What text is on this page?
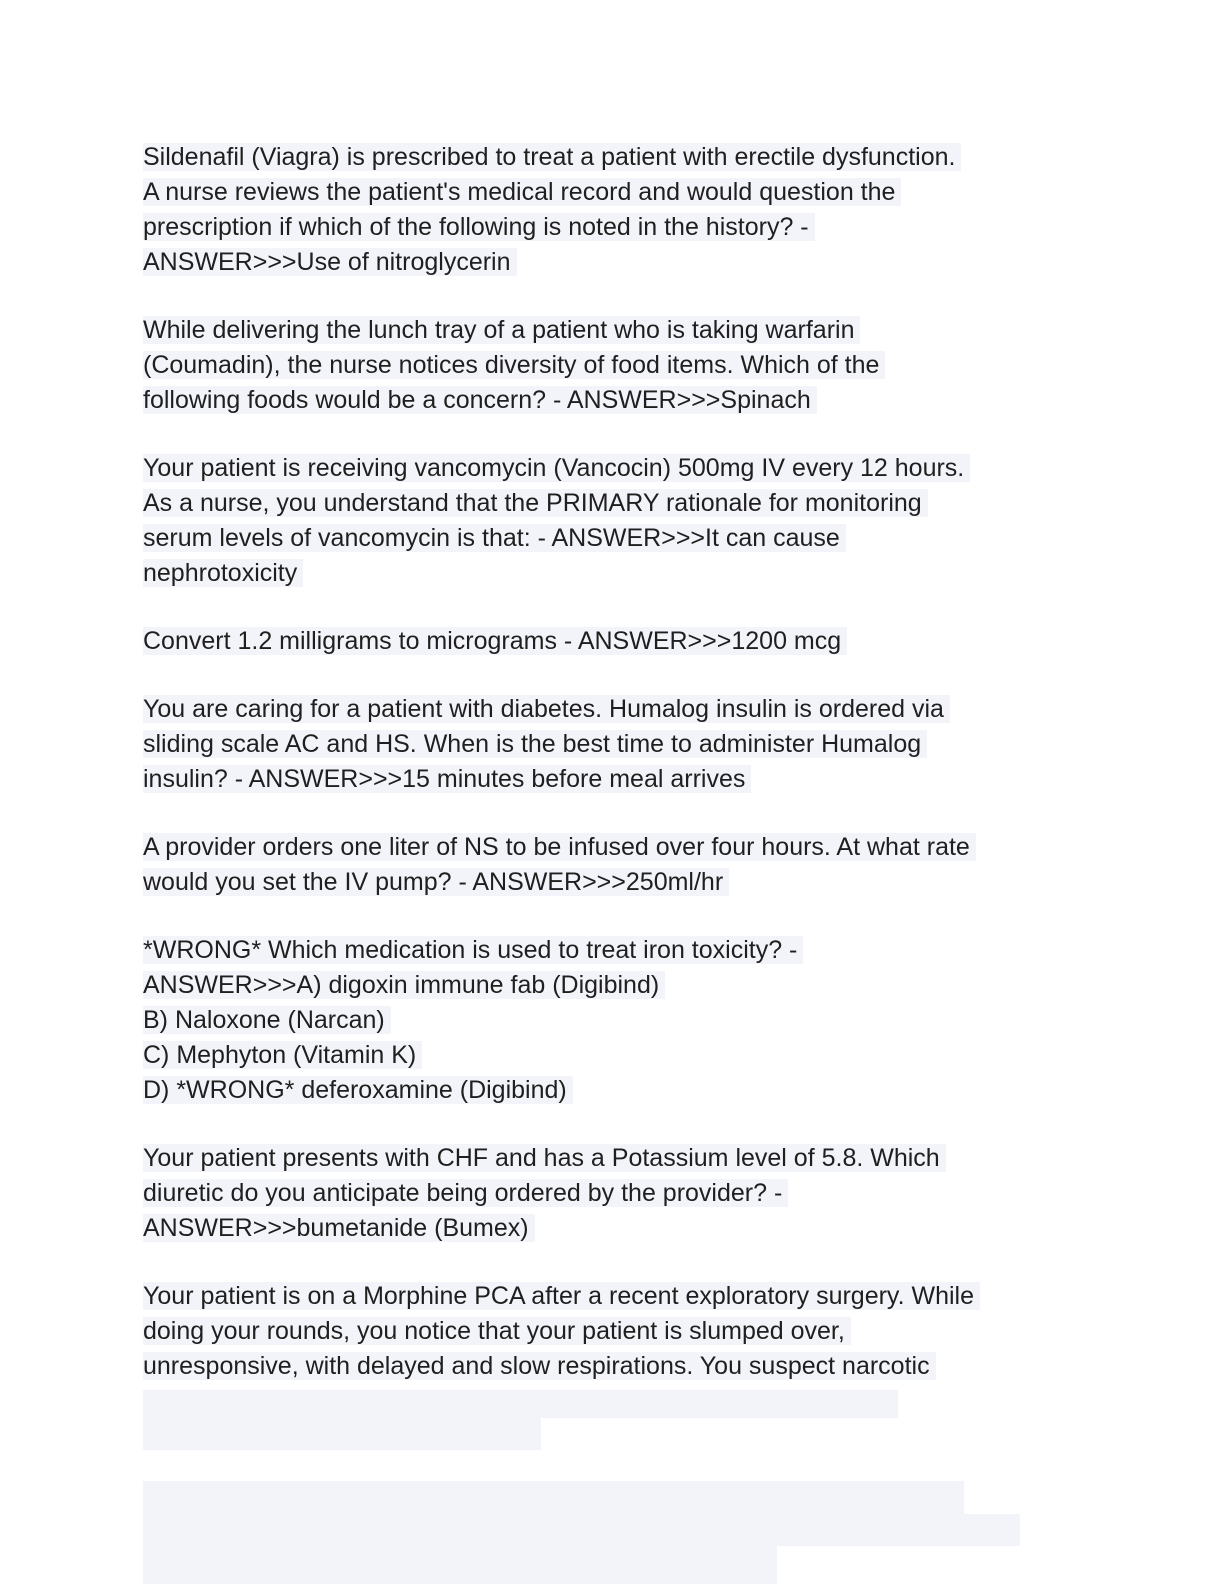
Sildenafil (Viagra) is prescribed to treat a patient with erectile dysfunction.
A nurse reviews the patient's medical record and would question the
prescription if which of the following is noted in the history? -
ANSWER>>>Use of nitroglycerin
While delivering the lunch tray of a patient who is taking warfarin
(Coumadin), the nurse notices diversity of food items. Which of the
following foods would be a concern? - ANSWER>>>Spinach
Your patient is receiving vancomycin (Vancocin) 500mg IV every 12 hours.
As a nurse, you understand that the PRIMARY rationale for monitoring
serum levels of vancomycin is that: - ANSWER>>>It can cause
nephrotoxicity
Convert 1.2 milligrams to micrograms - ANSWER>>>1200 mcg
You are caring for a patient with diabetes. Humalog insulin is ordered via
sliding scale AC and HS. When is the best time to administer Humalog
insulin? - ANSWER>>>15 minutes before meal arrives
A provider orders one liter of NS to be infused over four hours. At what rate
would you set the IV pump? - ANSWER>>>250ml/hr
*WRONG* Which medication is used to treat iron toxicity? -
ANSWER>>>A) digoxin immune fab (Digibind)
B) Naloxone (Narcan)
C) Mephyton (Vitamin K)
D) *WRONG* deferoxamine (Digibind)
Your patient presents with CHF and has a Potassium level of 5.8. Which
diuretic do you anticipate being ordered by the provider? -
ANSWER>>>bumetanide (Bumex)
Your patient is on a Morphine PCA after a recent exploratory surgery. While
doing your rounds, you notice that your patient is slumped over,
unresponsive, with delayed and slow respirations. You suspect narcotic
